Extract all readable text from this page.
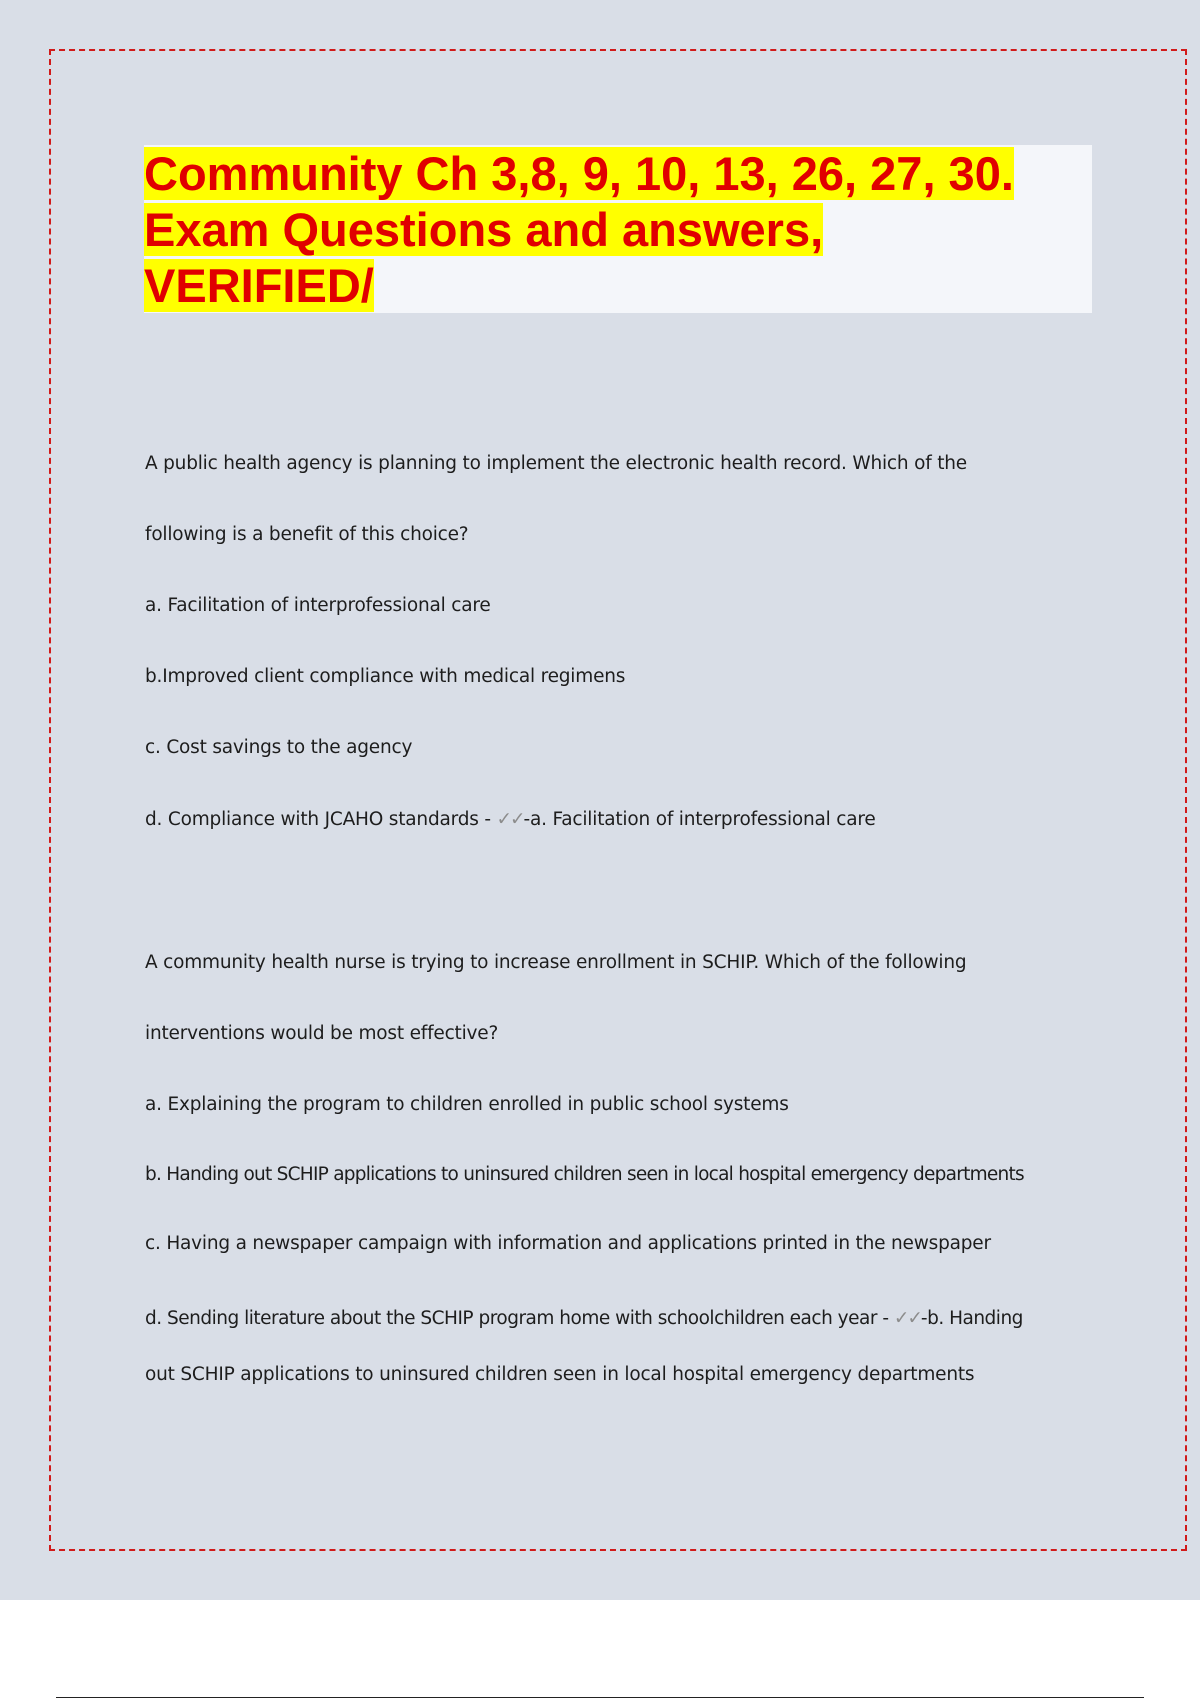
Community Ch 3,8, 9, 10, 13, 26, 27, 30.
Exam Questions and answers,
VERIFIED/

A public health agency is planning to implement the electronic health record. Which of the

following is a benefit of this choice?

a. Facilitation of interprofessional care

b.Improved client compliance with medical regimens

c. Cost savings to the agency

d. Compliance with JCAHO standards - ✓✓-a. Facilitation of interprofessional care

A community health nurse is trying to increase enrollment in SCHIP. Which of the following

interventions would be most effective?

a. Explaining the program to children enrolled in public school systems

b. Handing out SCHIP applications to uninsured children seen in local hospital emergency departments

c. Having a newspaper campaign with information and applications printed in the newspaper

d. Sending literature about the SCHIP program home with schoolchildren each year - ✓✓-b. Handing

out SCHIP applications to uninsured children seen in local hospital emergency departments
